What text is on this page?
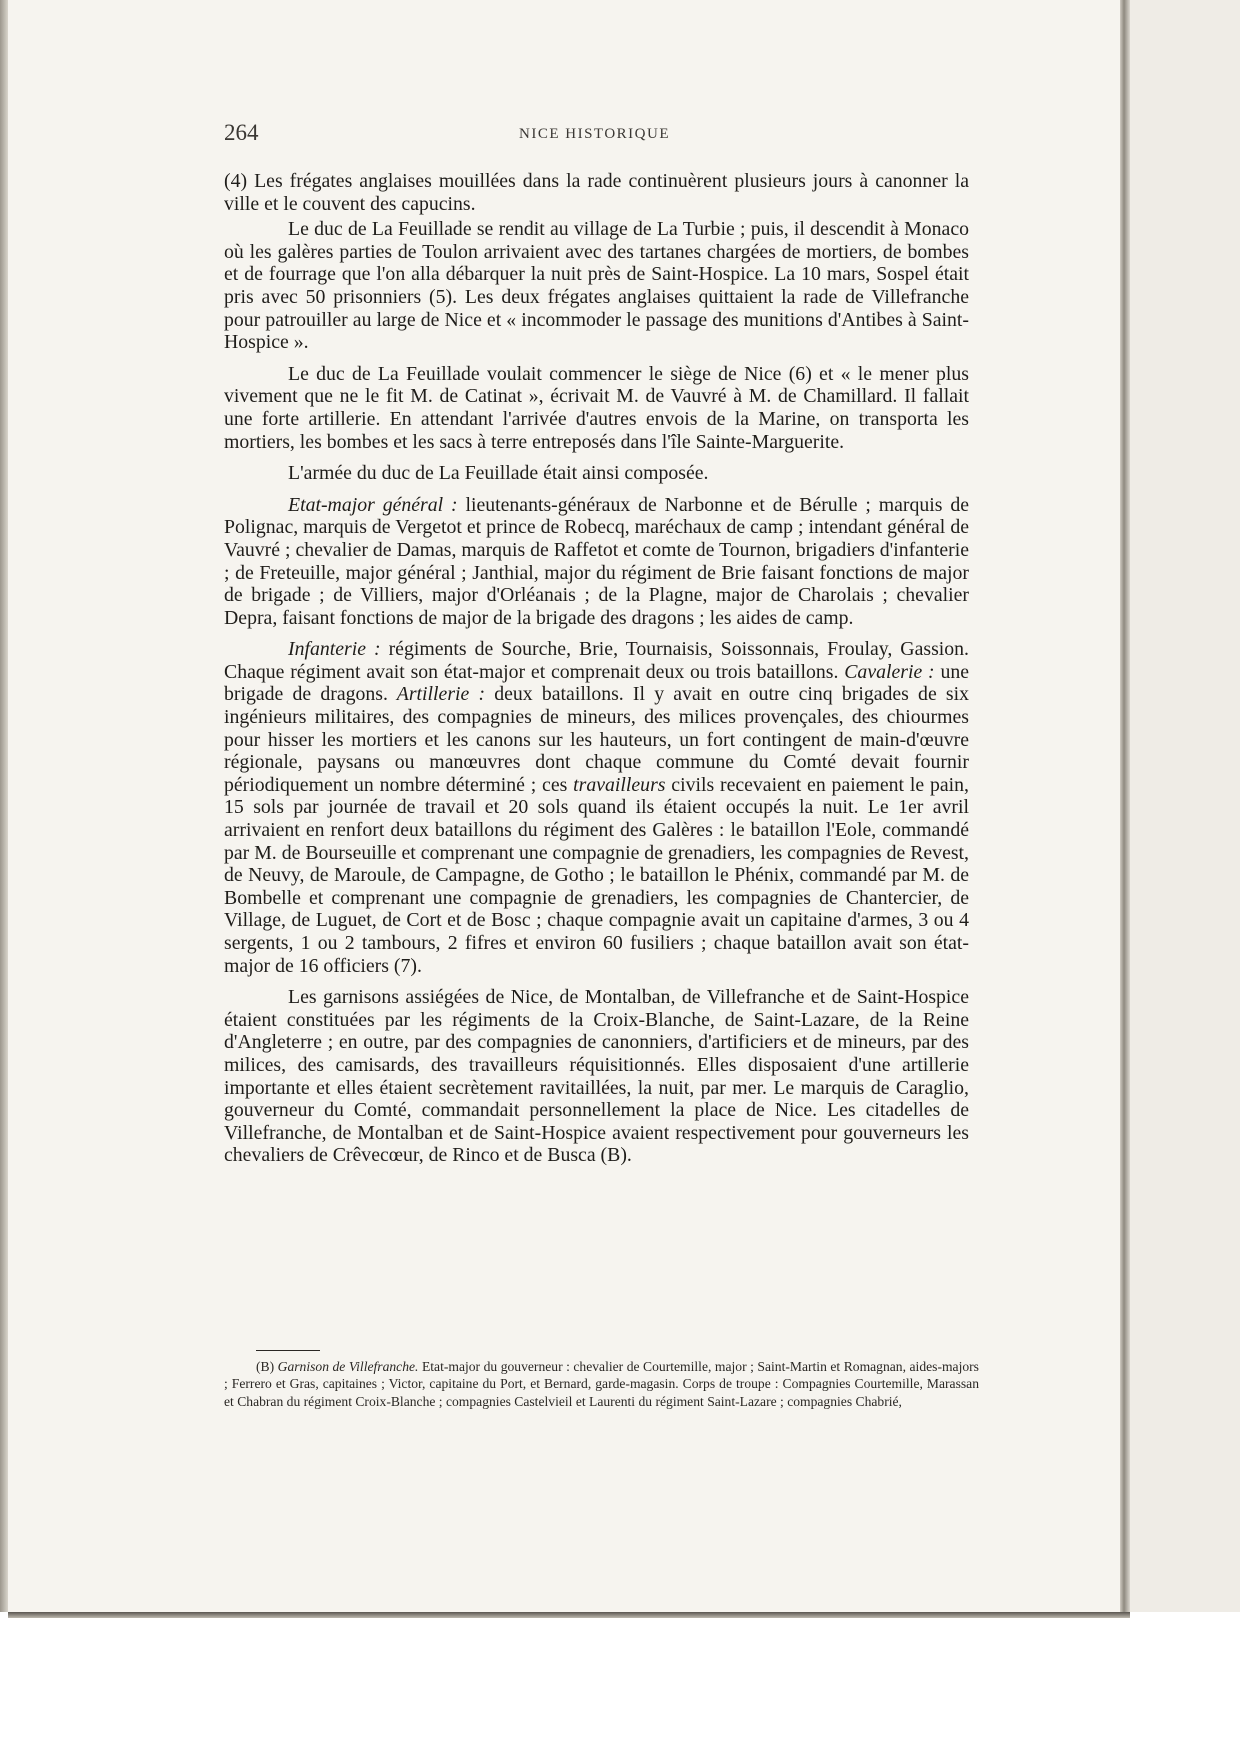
264	NICE HISTORIQUE

(4) Les frégates anglaises mouillées dans la rade continuèrent plusieurs jours à canonner la ville et le couvent des capucins.

Le duc de La Feuillade se rendit au village de La Turbie ; puis, il descendit à Monaco où les galères parties de Toulon arrivaient avec des tartanes chargées de mortiers, de bombes et de fourrage que l'on alla débarquer la nuit près de Saint-Hospice. La 10 mars, Sospel était pris avec 50 prisonniers (5). Les deux frégates anglaises quittaient la rade de Villefranche pour patrouiller au large de Nice et « incommoder le passage des munitions d'Antibes à Saint-Hospice ».

Le duc de La Feuillade voulait commencer le siège de Nice (6) et « le mener plus vivement que ne le fit M. de Catinat », écrivait M. de Vauvré à M. de Chamillard. Il fallait une forte artillerie. En attendant l'arrivée d'autres envois de la Marine, on transporta les mortiers, les bombes et les sacs à terre entreposés dans l'île Sainte-Marguerite.

L'armée du duc de La Feuillade était ainsi composée.

Etat-major général : lieutenants-généraux de Narbonne et de Bérulle ; marquis de Polignac, marquis de Vergetot et prince de Robecq, maréchaux de camp ; intendant général de Vauvré ; chevalier de Damas, marquis de Raffetot et comte de Tournon, brigadiers d'infanterie ; de Freteuille, major général ; Janthial, major du régiment de Brie faisant fonctions de major de brigade ; de Villiers, major d'Orléanais ; de la Plagne, major de Charolais ; chevalier Depra, faisant fonctions de major de la brigade des dragons ; les aides de camp.

Infanterie : régiments de Sourche, Brie, Tournaisis, Soissonnais, Froulay, Gassion. Chaque régiment avait son état-major et comprenait deux ou trois bataillons. Cavalerie : une brigade de dragons. Artillerie : deux bataillons. Il y avait en outre cinq brigades de six ingénieurs militaires, des compagnies de mineurs, des milices provençales, des chiourmes pour hisser les mortiers et les canons sur les hauteurs, un fort contingent de main-d'œuvre régionale, paysans ou manœuvres dont chaque commune du Comté devait fournir périodiquement un nombre déterminé ; ces travailleurs civils recevaient en paiement le pain, 15 sols par journée de travail et 20 sols quand ils étaient occupés la nuit. Le 1er avril arrivaient en renfort deux bataillons du régiment des Galères : le bataillon l'Eole, commandé par M. de Bourseuille et comprenant une compagnie de grenadiers, les compagnies de Revest, de Neuvy, de Maroule, de Campagne, de Gotho ; le bataillon le Phénix, commandé par M. de Bombelle et comprenant une compagnie de grenadiers, les compagnies de Chantercier, de Village, de Luguet, de Cort et de Bosc ; chaque compagnie avait un capitaine d'armes, 3 ou 4 sergents, 1 ou 2 tambours, 2 fifres et environ 60 fusiliers ; chaque bataillon avait son état-major de 16 officiers (7).

Les garnisons assiégées de Nice, de Montalban, de Villefranche et de Saint-Hospice étaient constituées par les régiments de la Croix-Blanche, de Saint-Lazare, de la Reine d'Angleterre ; en outre, par des compagnies de canonniers, d'artificiers et de mineurs, par des milices, des camisards, des travailleurs réquisitionnés. Elles disposaient d'une artillerie importante et elles étaient secrètement ravitaillées, la nuit, par mer. Le marquis de Caraglio, gouverneur du Comté, commandait personnellement la place de Nice. Les citadelles de Villefranche, de Montalban et de Saint-Hospice avaient respectivement pour gouverneurs les chevaliers de Crêvecœur, de Rinco et de Busca (B).

(B) Garnison de Villefranche. Etat-major du gouverneur : chevalier de Courtemille, major ; Saint-Martin et Romagnan, aides-majors ; Ferrero et Gras, capitaines ; Victor, capitaine du Port, et Bernard, garde-magasin. Corps de troupe : Compagnies Courtemille, Marassan et Chabran du régiment Croix-Blanche ; compagnies Castelvieil et Laurenti du régiment Saint-Lazare ; compagnies Chabrié,
